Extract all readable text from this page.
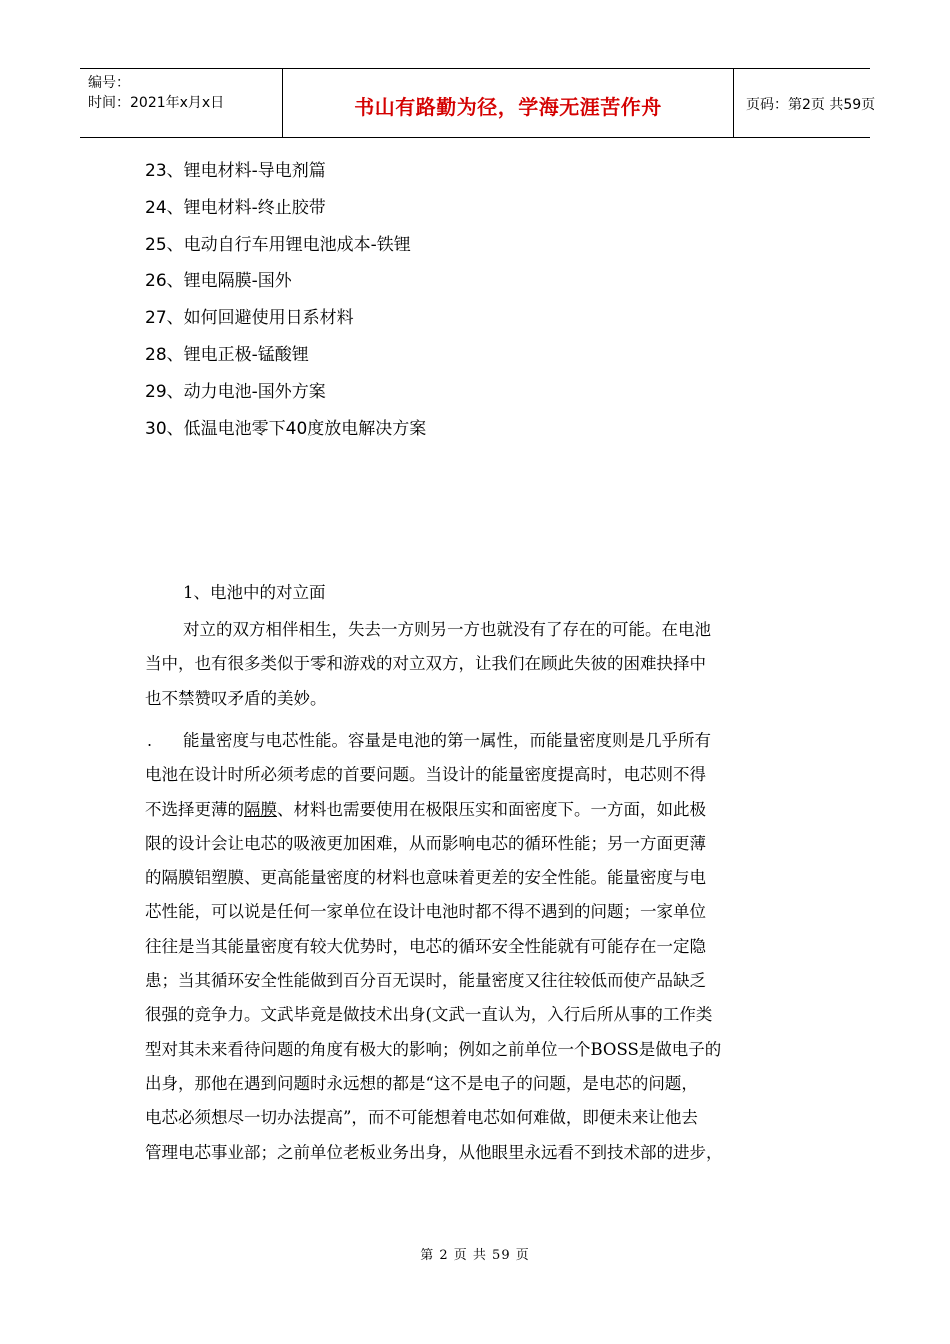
编号：
时间：2021年x月x日	书山有路勤为径，学海无涯苦作舟	页码：第2页 共59页
23、锂电材料-导电剂篇
24、锂电材料-终止胶带
25、电动自行车用锂电池成本-铁锂
26、锂电隔膜-国外
27、如何回避使用日系材料
28、锂电正极-锰酸锂
29、动力电池-国外方案
30、低温电池零下40度放电解决方案
1、电池中的对立面
对立的双方相伴相生，失去一方则另一方也就没有了存在的可能。在电池
当中，也有很多类似于零和游戏的对立双方，让我们在顾此失彼的困难抉择中
也不禁赞叹矛盾的美妙。
.	能量密度与电芯性能。容量是电池的第一属性，而能量密度则是几乎所有
电池在设计时所必须考虑的首要问题。当设计的能量密度提高时，电芯则不得
不选择更薄的隔膜、材料也需要使用在极限压实和面密度下。一方面，如此极
限的设计会让电芯的吸液更加困难，从而影响电芯的循环性能；另一方面更薄
的隔膜铝塑膜、更高能量密度的材料也意味着更差的安全性能。能量密度与电
芯性能，可以说是任何一家单位在设计电池时都不得不遇到的问题；一家单位
往往是当其能量密度有较大优势时，电芯的循环安全性能就有可能存在一定隐
患；当其循环安全性能做到百分百无误时，能量密度又往往较低而使产品缺乏
很强的竞争力。文武毕竟是做技术出身(文武一直认为，入行后所从事的工作类
型对其未来看待问题的角度有极大的影响；例如之前单位一个BOSS是做电子的
出身，那他在遇到问题时永远想的都是“这不是电子的问题，是电芯的问题，
电芯必须想尽一切办法提高”，而不可能想着电芯如何难做，即便未来让他去
管理电芯事业部；之前单位老板业务出身，从他眼里永远看不到技术部的进步，
第 2 页 共 59 页
